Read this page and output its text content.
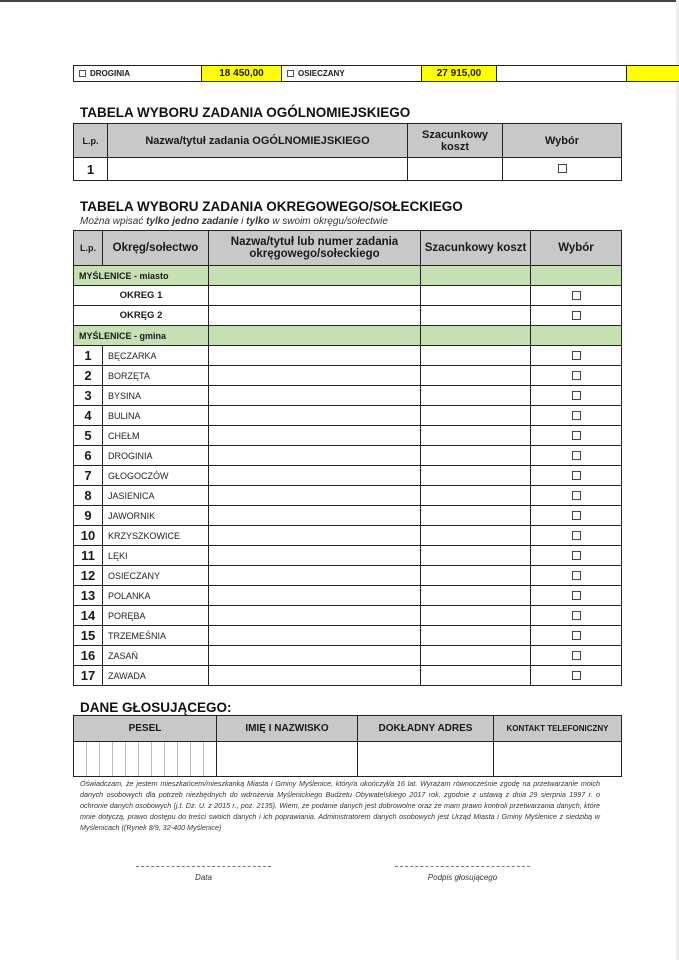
DROGINIA	18 450,00	OSIECZANY	27 915,00		
TABELA WYBORU ZADANIA OGÓLNOMIEJSKIEGO
L.p.	Nazwa/tytuł zadania OGÓLNOMIEJSKIEGO	Szacunkowy koszt	Wybór
1			
TABELA WYBORU ZADANIA OKREGOWEGO/SOŁECKIEGO
Można wpisać tylko jedno zadanie i tylko w swoim okręgu/sołectwie
L.p.	Okręg/sołectwo	Nazwa/tytuł lub numer zadania okręgowego/sołeckiego	Szacunkowy koszt	Wybór
MYŚLENICE - miasto				
OKREG 1				
OKRĘG 2				
MYŚLENICE - gmina				
1	BĘCZARKA			
2	BORZĘTA			
3	BYSINA			
4	BULINA			
5	CHEŁM			
6	DROGINIA			
7	GŁOGOCZÓW			
8	JASIENICA			
9	JAWORNIK			
10	KRZYSZKOWICE			
11	LĘKI			
12	OSIECZANY			
13	POLANKA			
14	PORĘBA			
15	TRZEMEŚNIA			
16	ZASAŃ			
17	ZAWADA			
DANE GŁOSUJĄCEGO:
PESEL	IMIĘ I NAZWISKO	DOKŁADNY ADRES	KONTAKT TELEFONICZNY

Oświadczam, że jestem mieszkańcem/mieszkanką Miasta i Gminy Myślenice, który/a ukończył/a 16 lat. Wyrażam równocześnie zgodę na przetwarzanie moich danych osobowych dla potrzeb niezbędnych do wdrożenia Myślenickiego Budżetu Obywatelskiego 2017 rok, zgodnie z ustawą z dnia 29 sierpnia 1997 r. o ochronie danych osobowych (j.t. Dz. U. z 2015 r., poz. 2135). Wiem, że podanie danych jest dobrowolne oraz że mam prawo kontroli przetwarzania danych, które mnie dotyczą, prawo dostępu do treści swoich danych i ich poprawiania. Administratorem danych osobowych jest Urząd Miasta i Gminy Myślenice z siedzibą w Myślenicach ((Rynek 8/9, 32-400 Myślenice)
Data	Podpis głosującego
